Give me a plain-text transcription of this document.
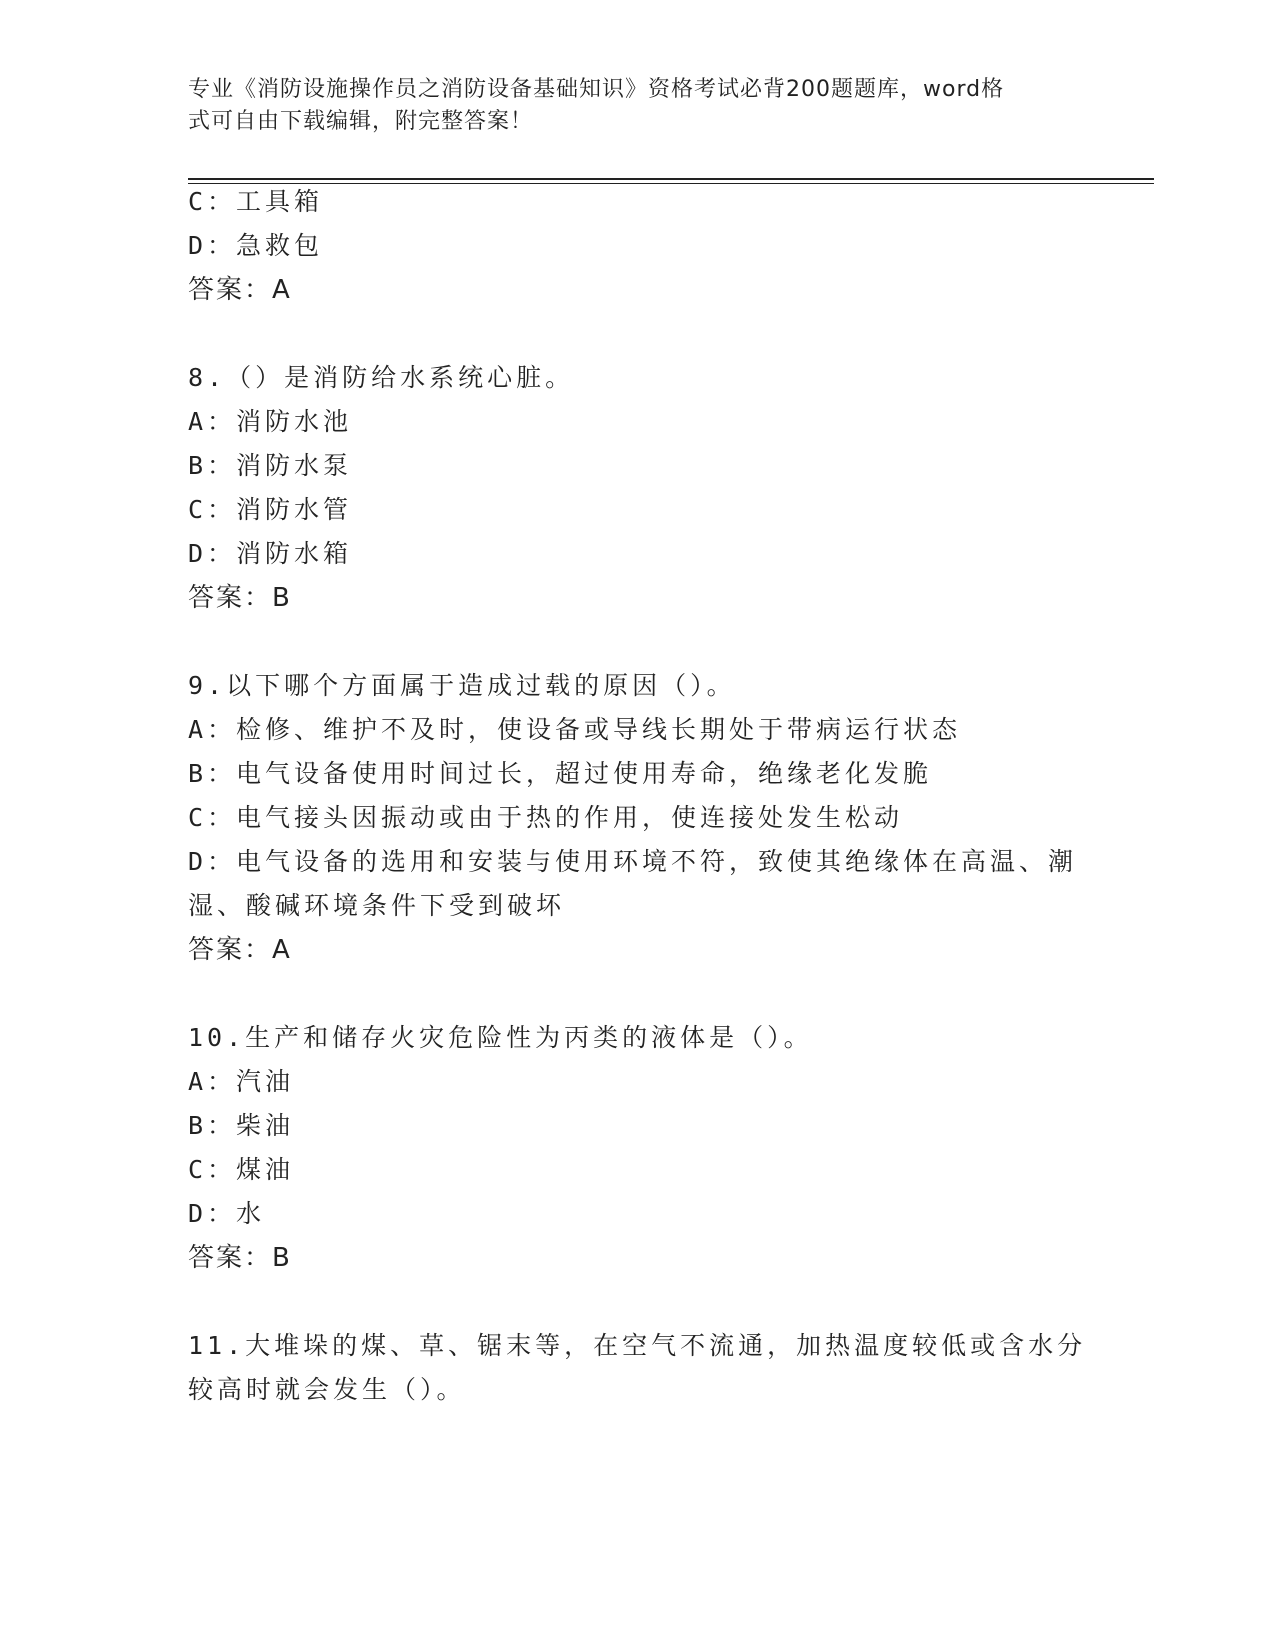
专业《消防设施操作员之消防设备基础知识》资格考试必背200题题库，word格
式可自由下载编辑，附完整答案！
C：工具箱
D：急救包
答案：A
8.（）是消防给水系统心脏。
A：消防水池
B：消防水泵
C：消防水管
D：消防水箱
答案：B
9.以下哪个方面属于造成过载的原因（）。
A：检修、维护不及时，使设备或导线长期处于带病运行状态
B：电气设备使用时间过长，超过使用寿命，绝缘老化发脆
C：电气接头因振动或由于热的作用，使连接处发生松动
D：电气设备的选用和安装与使用环境不符，致使其绝缘体在高温、潮
湿、酸碱环境条件下受到破坏
答案：A
10.生产和储存火灾危险性为丙类的液体是（）。
A：汽油
B：柴油
C：煤油
D：水
答案：B
11.大堆垛的煤、草、锯末等，在空气不流通，加热温度较低或含水分
较高时就会发生（）。
